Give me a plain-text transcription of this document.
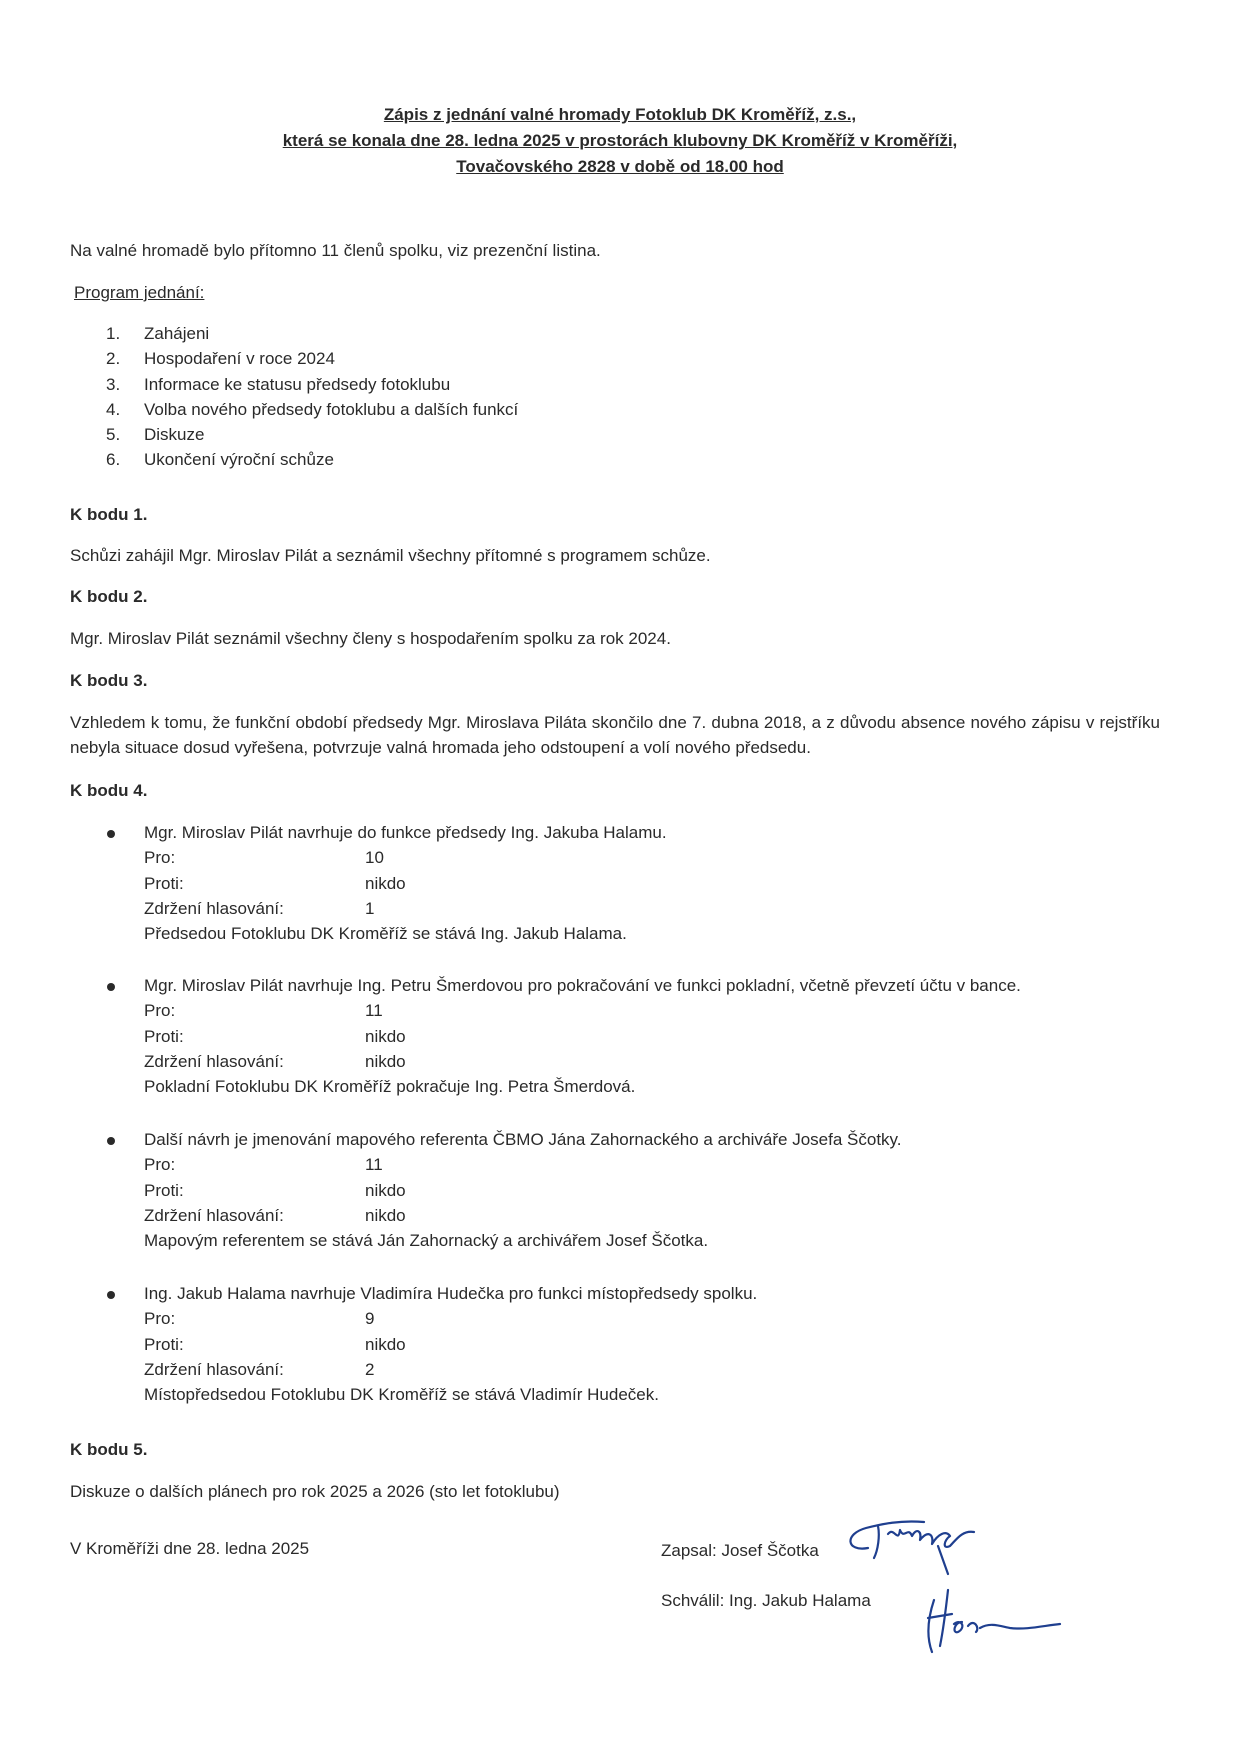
Zápis z jednání valné hromady Fotoklub DK Kroměříž, z.s.,
která se konala dne 28. ledna 2025 v prostorách klubovny DK Kroměříž v Kroměříži,
Tovačovského 2828 v době od 18.00 hod

Na valné hromadě bylo přítomno 11 členů spolku, viz prezenční listina.

Program jednání:

1.	Zahájeni
2.	Hospodaření v roce 2024
3.	Informace ke statusu předsedy fotoklubu
4.	Volba nového předsedy fotoklubu a dalších funkcí
5.	Diskuze
6.	Ukončení výroční schůze

K bodu 1.

Schůzi zahájil Mgr. Miroslav Pilát a seznámil všechny přítomné s programem schůze.

K bodu 2.

Mgr. Miroslav Pilát seznámil všechny členy s hospodařením spolku za rok 2024.

K bodu 3.

Vzhledem k tomu, že funkční období předsedy Mgr. Miroslava Piláta skončilo dne 7. dubna 2018, a z důvodu absence nového zápisu v rejstříku nebyla situace dosud vyřešena, potvrzuje valná hromada jeho odstoupení a volí nového předsedu.

K bodu 4.

Mgr. Miroslav Pilát navrhuje do funkce předsedy Ing. Jakuba Halamu.
Pro:	10
Proti:	nikdo
Zdržení hlasování:	1
Předsedou Fotoklubu DK Kroměříž se stává Ing. Jakub Halama.
Mgr. Miroslav Pilát navrhuje Ing. Petru Šmerdovou pro pokračování ve funkci pokladní, včetně převzetí účtu v bance.
Pro:	11
Proti:	nikdo
Zdržení hlasování:	nikdo
Pokladní Fotoklubu DK Kroměříž pokračuje Ing. Petra Šmerdová.
Další návrh je jmenování mapového referenta ČBMO Jána Zahornackého a archiváře Josefa Ščotky.
Pro:	11
Proti:	nikdo
Zdržení hlasování:	nikdo
Mapovým referentem se stává Ján Zahornacký a archivářem Josef Ščotka.
Ing. Jakub Halama navrhuje Vladimíra Hudečka pro funkci místopředsedy spolku.
Pro:	9
Proti:	nikdo
Zdržení hlasování:	2
Místopředsedou Fotoklubu DK Kroměříž se stává Vladimír Hudeček.

K bodu 5.

Diskuze o dalších plánech pro rok 2025 a 2026 (sto let fotoklubu)

V Kroměříži dne 28. ledna 2025	Zapsal: Josef Ščotka

Schválil: Ing. Jakub Halama
